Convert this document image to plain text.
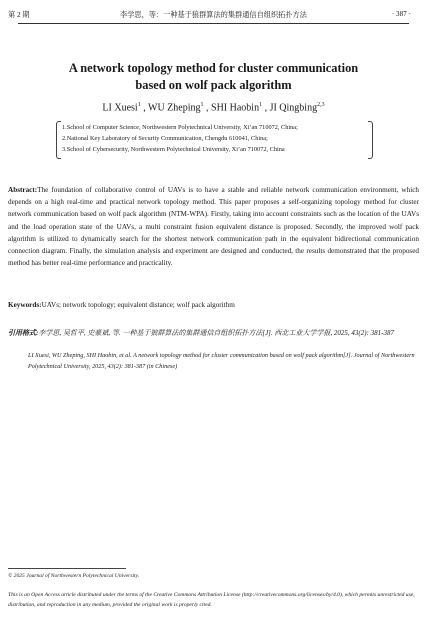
第 2 期	李学思，等：一种基于狼群算法的集群通信自组织拓扑方法	· 387 ·
A network topology method for cluster communication
based on wolf pack algorithm
LI Xuesi$^1$ , WU Zheping$^1$ , SHI Haobin$^1$ , JI Qingbing$^{2,3}$
1.School of Computer Science, Northwestern Polytechnical University, Xi’an 710072, China;
2.National Key Laboratory of Security Communication, Chengdu 610041, China;
3.School of Cybersecurity, Northwestern Polytechnical University, Xi’an 710072, China
Abstract:The foundation of collaborative control of UAVs is to have a stable and reliable network communication environment, which depends on a high real-time and practical network topology method. This paper proposes a self-organizing topology method for cluster network communication based on wolf pack algorithm (NTM-WPA). Firstly, taking into account constraints such as the location of the UAVs and the load operation state of the UAVs, a multi constraint fusion equivalent distance is proposed. Secondly, the improved wolf pack algorithm is utilized to dynamically search for the shortest network communication path in the equivalent bidirectional communication connection diagram. Finally, the simulation analysis and experiment are designed and conducted, the results demonstrated that the proposed method has better real-time performance and practicality.
Keywords:UAVs; network topology; equivalent distance; wolf pack algorithm
引用格式:李学思, 吴哲平, 史豪斌, 等. 一种基于狼群算法的集群通信自组织拓扑方法[J]. 西北工业大学学报, 2025, 43(2): 381-387
LI Xuesi, WU Zheping, SHI Haobin, et al. A network topology method for cluster communication based on wolf pack algorithm[J]. Journal of Northwestern Polytechnical University, 2025, 43(2): 381-387 (in Chinese)
© 2025 Journal of Northwestern Polytechnical University.
This is an Open Access article distributed under the terms of the Creative Commons Attribution License (http://creativecommons.org/licenses/by/4.0), which permits unrestricted use, distribution, and reproduction in any medium, provided the original work is properly cited.
